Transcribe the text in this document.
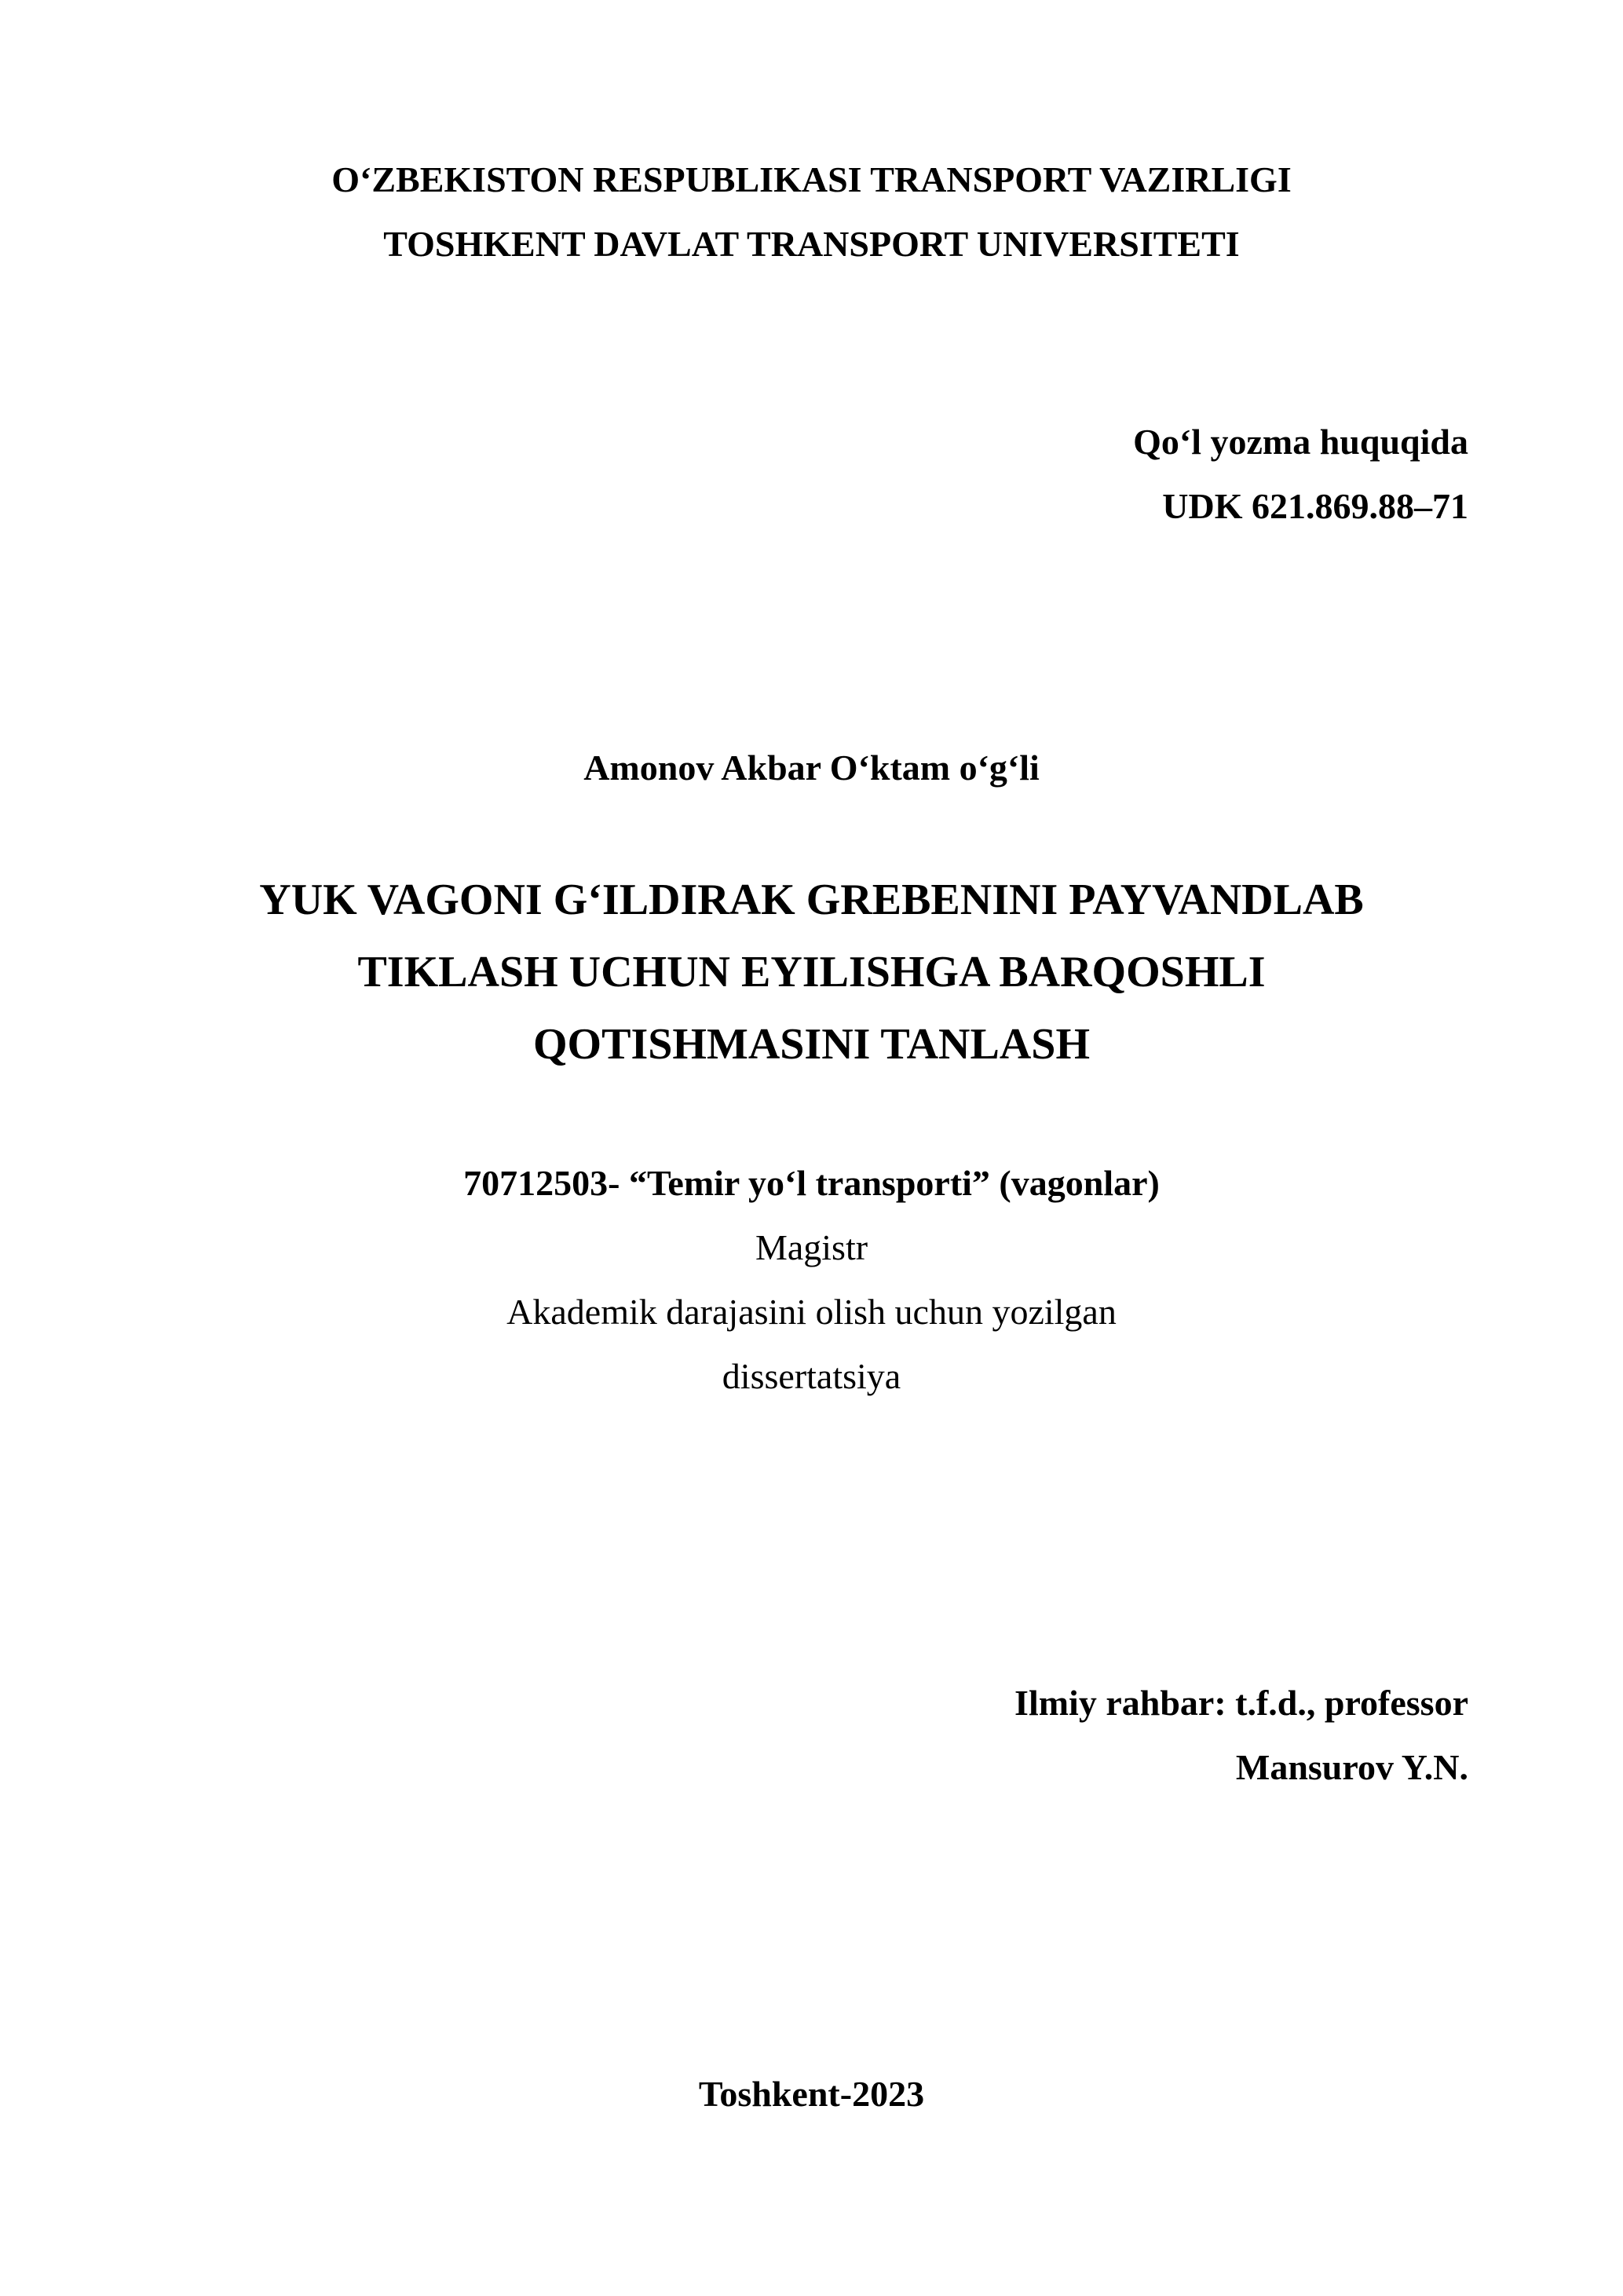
O‘ZBEKISTON RESPUBLIKASI TRANSPORT VAZIRLIGI
TOSHKENT DAVLAT TRANSPORT UNIVERSITETI
Qo‘l yozma huquqida
UDK 621.869.88–71
Amonov Akbar O‘ktam o‘g‘li
YUK VAGONI G‘ILDIRAK GREBENINI PAYVANDLAB
TIKLASH UCHUN EYILISHGA BARQOSHLI
QOTISHMASINI TANLASH
70712503- “Temir yo‘l transporti” (vagonlar)
Magistr
Akademik darajasini olish uchun yozilgan
dissertatsiya
Ilmiy rahbar: t.f.d., professor
Mansurov Y.N.
Toshkent-2023
